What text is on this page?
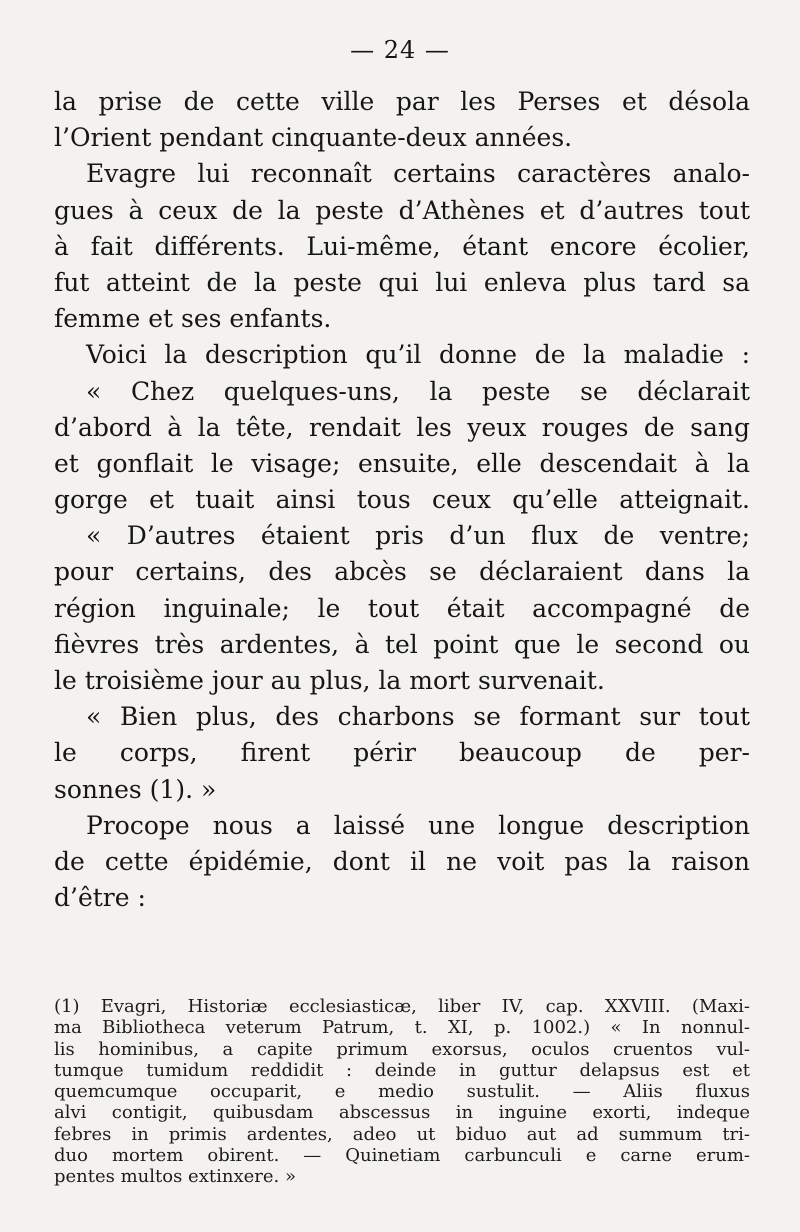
— 24 —
la prise de cette ville par les Perses et désola
l’Orient pendant cinquante-deux années.
Evagre lui reconnaît certains caractères analo-
gues à ceux de la peste d’Athènes et d’autres tout
à fait différents. Lui-même, étant encore écolier,
fut atteint de la peste qui lui enleva plus tard sa
femme et ses enfants.
Voici la description qu’il donne de la maladie :
« Chez quelques-uns, la peste se déclarait
d’abord à la tête, rendait les yeux rouges de sang
et gonflait le visage; ensuite, elle descendait à la
gorge et tuait ainsi tous ceux qu’elle atteignait.
« D’autres étaient pris d’un flux de ventre;
pour certains, des abcès se déclaraient dans la
région inguinale; le tout était accompagné de
fièvres très ardentes, à tel point que le second ou
le troisième jour au plus, la mort survenait.
« Bien plus, des charbons se formant sur tout
le corps, firent périr beaucoup de per-
sonnes (1). »
Procope nous a laissé une longue description
de cette épidémie, dont il ne voit pas la raison
d’être :
(1) Evagri, Historiæ ecclesiasticæ, liber IV, cap. XXVIII. (Maxi-
ma Bibliotheca veterum Patrum, t. XI, p. 1002.) « In nonnul-
lis hominibus, a capite primum exorsus, oculos cruentos vul-
tumque tumidum reddidit : deinde in guttur delapsus est et
quemcumque occuparit, e medio sustulit. — Aliis fluxus
alvi contigit, quibusdam abscessus in inguine exorti, indeque
febres in primis ardentes, adeo ut biduo aut ad summum tri-
duo mortem obirent. — Quinetiam carbunculi e carne erum-
pentes multos extinxere. »
